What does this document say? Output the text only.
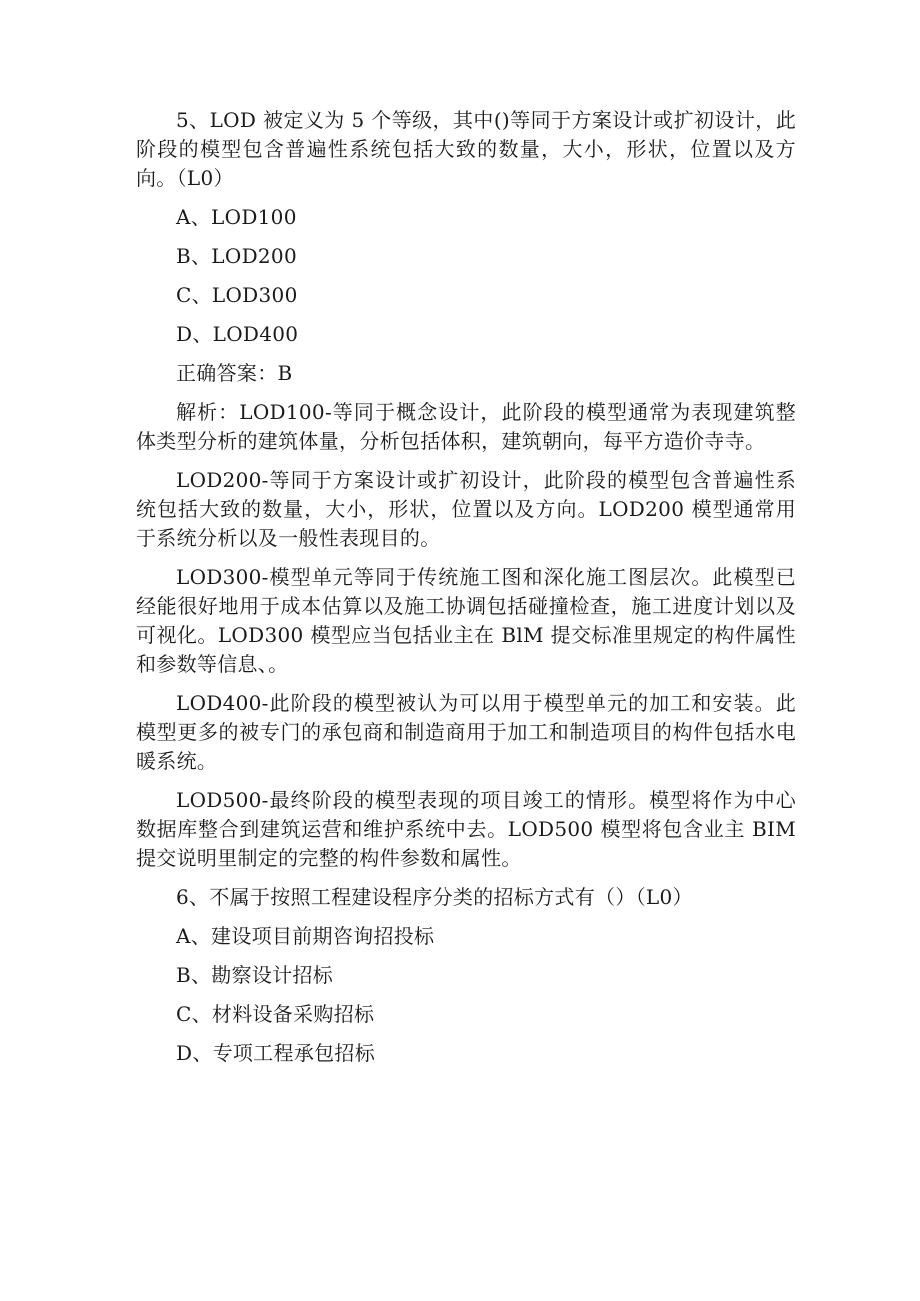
5、LOD 被定义为 5 个等级，其中()等同于方案设计或扩初设计，此阶段的模型包含普遍性系统包括大致的数量，大小，形状，位置以及方向。（L0）

A、LOD100

B、LOD200

C、LOD300

D、LOD400

正确答案：B

解析：LOD100-等同于概念设计，此阶段的模型通常为表现建筑整体类型分析的建筑体量，分析包括体积，建筑朝向，每平方造价寺寺。

LOD200-等同于方案设计或扩初设计，此阶段的模型包含普遍性系统包括大致的数量，大小，形状，位置以及方向。LOD200 模型通常用于系统分析以及一般性表现目的。

LOD300-模型单元等同于传统施工图和深化施工图层次。此模型已经能很好地用于成本估算以及施工协调包括碰撞检查，施工进度计划以及可视化。LOD300 模型应当包括业主在 BlM 提交标准里规定的构件属性和参数等信息、。

LOD400-此阶段的模型被认为可以用于模型单元的加工和安装。此模型更多的被专门的承包商和制造商用于加工和制造项目的构件包括水电暖系统。

LOD500-最终阶段的模型表现的项目竣工的情形。模型将作为中心数据库整合到建筑运营和维护系统中去。LOD500 模型将包含业主 BIM 提交说明里制定的完整的构件参数和属性。

6、不属于按照工程建设程序分类的招标方式有（）（L0）

A、建设项目前期咨询招投标

B、勘察设计招标

C、材料设备采购招标

D、专项工程承包招标
